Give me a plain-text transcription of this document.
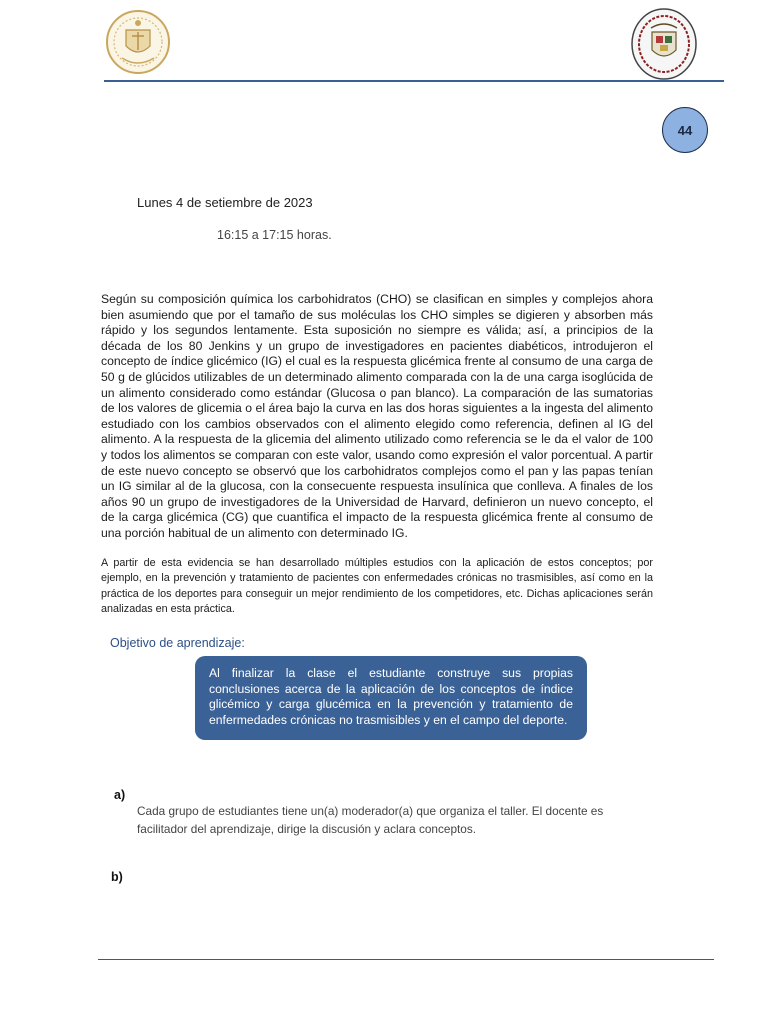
44
Lunes 4 de setiembre de 2023
16:15 a 17:15 horas.
Según su composición química los carbohidratos (CHO) se clasifican en simples y complejos ahora bien asumiendo que por el tamaño de sus moléculas los CHO simples se digieren y absorben más rápido y los segundos lentamente. Esta suposición no siempre es válida; así, a principios de la década de los 80 Jenkins y un grupo de investigadores en pacientes diabéticos, introdujeron el concepto de índice glicémico (IG) el cual es la respuesta glicémica frente al consumo de una carga de 50 g de glúcidos utilizables de un determinado alimento comparada con la de una carga isoglúcida de un alimento considerado como estándar (Glucosa o pan blanco). La comparación de las sumatorias de los valores de glicemia o el área bajo la curva en las dos horas siguientes a la ingesta del alimento estudiado con los cambios observados con el alimento elegido como referencia, definen al IG del alimento. A la respuesta de la glicemia del alimento utilizado como referencia se le da el valor de 100 y todos los alimentos se comparan con este valor, usando como expresión el valor porcentual. A partir de este nuevo concepto se observó que los carbohidratos complejos como el pan y las papas tenían un IG similar al de la glucosa, con la consecuente respuesta insulínica que conlleva. A finales de los años 90 un grupo de investigadores de la Universidad de Harvard, definieron un nuevo concepto, el de la carga glicémica (CG) que cuantifica el impacto de la respuesta glicémica frente al consumo de una porción habitual de un alimento con determinado IG.
A partir de esta evidencia se han desarrollado múltiples estudios con la aplicación de estos conceptos; por ejemplo, en la prevención y tratamiento de pacientes con enfermedades crónicas no trasmisibles, así como en la práctica de los deportes para conseguir un mejor rendimiento de los competidores, etc. Dichas aplicaciones serán analizadas en esta práctica.
Objetivo de aprendizaje:
Al finalizar la clase el estudiante construye sus propias conclusiones acerca de la aplicación de los conceptos de índice glicémico y carga glucémica en la prevención y tratamiento de enfermedades crónicas no trasmisibles y en el campo del deporte.
a)
Cada grupo de estudiantes tiene un(a) moderador(a) que organiza el taller. El docente es facilitador del aprendizaje, dirige la discusión y aclara conceptos.
b)
